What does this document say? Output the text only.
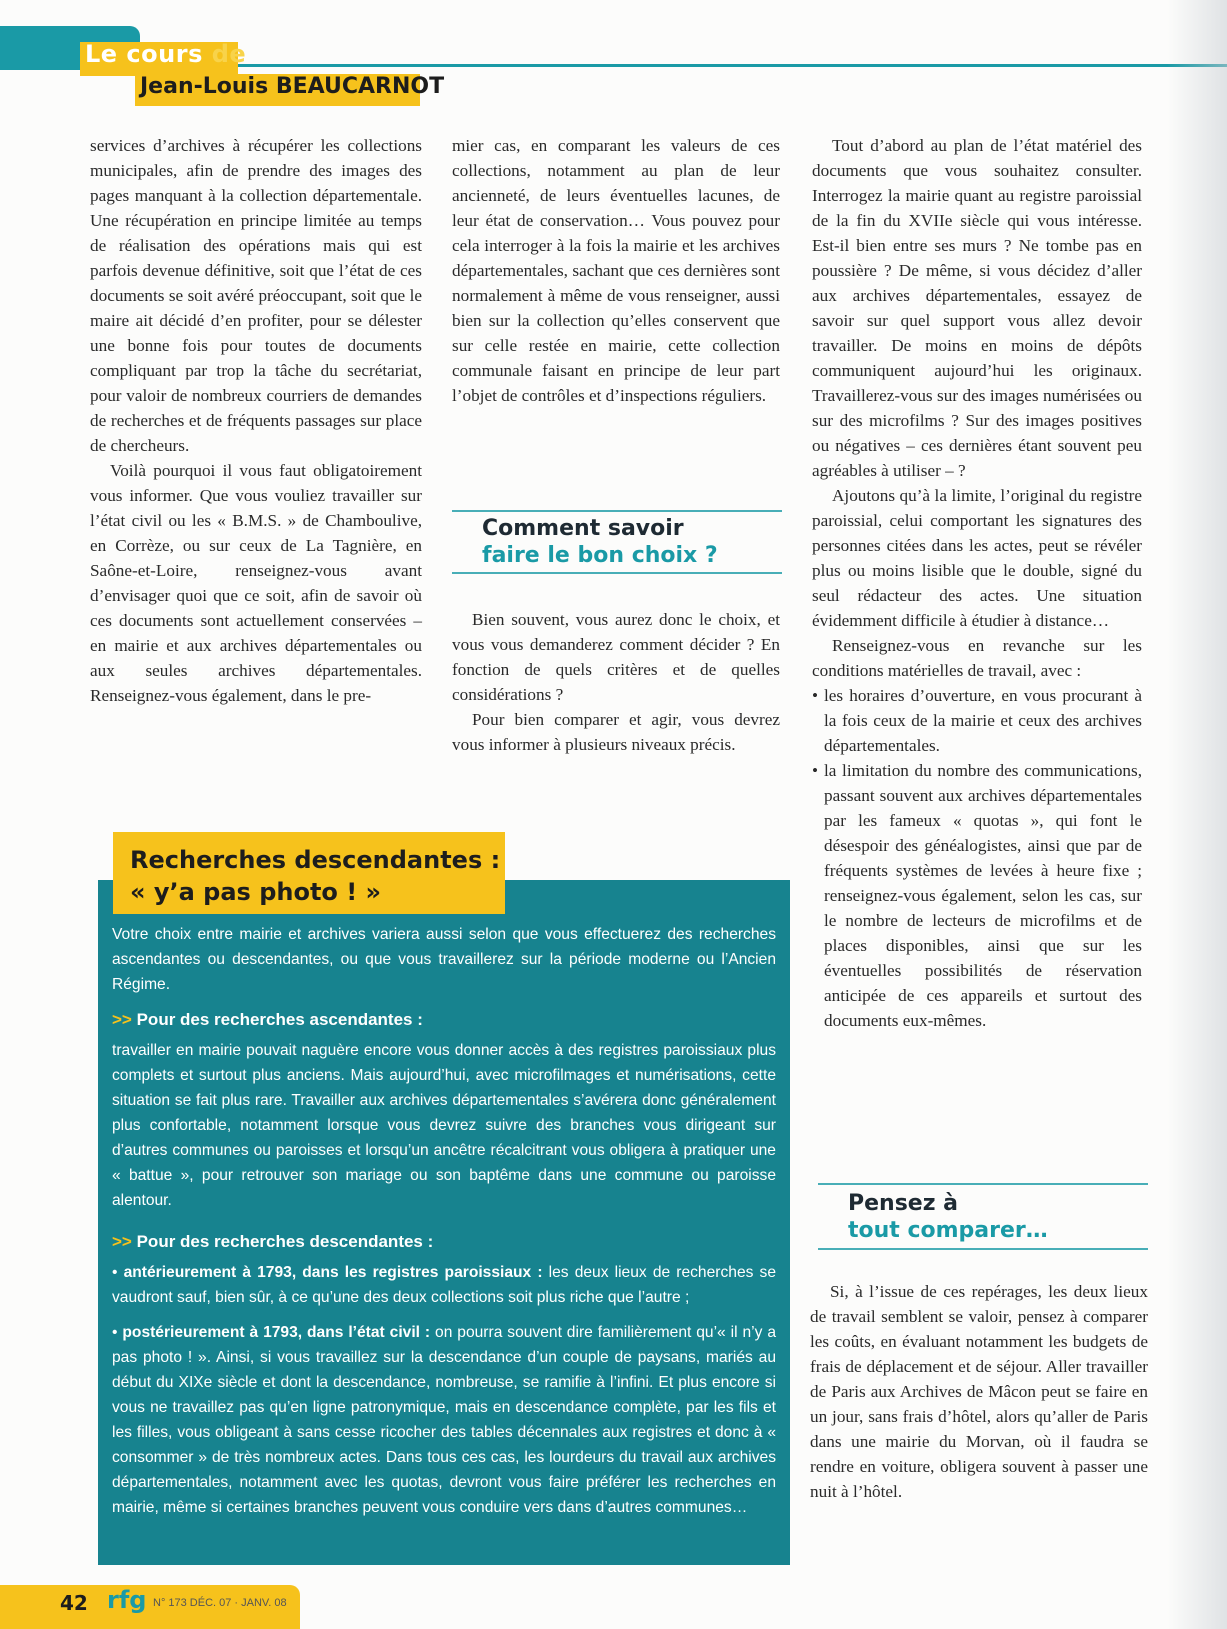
Le cours de
Jean-Louis BEAUCARNOT

services d’archives à récupérer les collections municipales, afin de prendre des images des pages manquant à la collection départementale. Une récupération en principe limitée au temps de réalisation des opérations mais qui est parfois devenue définitive, soit que l’état de ces documents se soit avéré préoccupant, soit que le maire ait décidé d’en profiter, pour se délester une bonne fois pour toutes de documents compliquant par trop la tâche du secrétariat, pour valoir de nombreux courriers de demandes de recherches et de fréquents passages sur place de chercheurs.

Voilà pourquoi il vous faut obligatoirement vous informer. Que vous vouliez travailler sur l’état civil ou les « B.M.S. » de Chamboulive, en Corrèze, ou sur ceux de La Tagnière, en Saône-et-Loire, renseignez-vous avant d’envisager quoi que ce soit, afin de savoir où ces documents sont actuellement conservées – en mairie et aux archives départementales ou aux seules archives départementales. Renseignez-vous également, dans le pre-

mier cas, en comparant les valeurs de ces collections, notamment au plan de leur ancienneté, de leurs éventuelles lacunes, de leur état de conservation… Vous pouvez pour cela interroger à la fois la mairie et les archives départementales, sachant que ces dernières sont normalement à même de vous renseigner, aussi bien sur la collection qu’elles conservent que sur celle restée en mairie, cette collection communale faisant en principe de leur part l’objet de contrôles et d’inspections réguliers.

Comment savoir
faire le bon choix ?

Bien souvent, vous aurez donc le choix, et vous vous demanderez comment décider ? En fonction de quels critères et de quelles considérations ?

Pour bien comparer et agir, vous devrez vous informer à plusieurs niveaux précis.

Tout d’abord au plan de l’état matériel des documents que vous souhaitez consulter. Interrogez la mairie quant au registre paroissial de la fin du XVIIe siècle qui vous intéresse. Est-il bien entre ses murs ? Ne tombe pas en poussière ? De même, si vous décidez d’aller aux archives départementales, essayez de savoir sur quel support vous allez devoir travailler. De moins en moins de dépôts communiquent aujourd’hui les originaux. Travaillerez-vous sur des images numérisées ou sur des microfilms ? Sur des images positives ou négatives – ces dernières étant souvent peu agréables à utiliser – ?

Ajoutons qu’à la limite, l’original du registre paroissial, celui comportant les signatures des personnes citées dans les actes, peut se révéler plus ou moins lisible que le double, signé du seul rédacteur des actes. Une situation évidemment difficile à étudier à distance…

Renseignez-vous en revanche sur les conditions matérielles de travail, avec :

• les horaires d’ouverture, en vous procurant à la fois ceux de la mairie et ceux des archives départementales.

• la limitation du nombre des communications, passant souvent aux archives départementales par les fameux « quotas », qui font le désespoir des généalogistes, ainsi que par de fréquents systèmes de levées à heure fixe ; renseignez-vous également, selon les cas, sur le nombre de lecteurs de microfilms et de places disponibles, ainsi que sur les éventuelles possibilités de réservation anticipée de ces appareils et surtout des documents eux-mêmes.

Pensez à
tout comparer…

Si, à l’issue de ces repérages, les deux lieux de travail semblent se valoir, pensez à comparer les coûts, en évaluant notamment les budgets de frais de déplacement et de séjour. Aller travailler de Paris aux Archives de Mâcon peut se faire en un jour, sans frais d’hôtel, alors qu’aller de Paris dans une mairie du Morvan, où il faudra se rendre en voiture, obligera souvent à passer une nuit à l’hôtel.

Recherches descendantes :
« y’a pas photo ! »

Votre choix entre mairie et archives variera aussi selon que vous effectuerez des recherches ascendantes ou descendantes, ou que vous travaillerez sur la période moderne ou l’Ancien Régime.

>> Pour des recherches ascendantes :

travailler en mairie pouvait naguère encore vous donner accès à des registres paroissiaux plus complets et surtout plus anciens. Mais aujourd’hui, avec microfilmages et numérisations, cette situation se fait plus rare. Travailler aux archives départementales s’avérera donc généralement plus confortable, notamment lorsque vous devrez suivre des branches vous dirigeant sur d’autres communes ou paroisses et lorsqu’un ancêtre récalcitrant vous obligera à pratiquer une « battue », pour retrouver son mariage ou son baptême dans une commune ou paroisse alentour.

>> Pour des recherches descendantes :

• antérieurement à 1793, dans les registres paroissiaux : les deux lieux de recherches se vaudront sauf, bien sûr, à ce qu’une des deux collections soit plus riche que l’autre ;

• postérieurement à 1793, dans l’état civil : on pourra souvent dire familièrement qu’« il n’y a pas photo ! ». Ainsi, si vous travaillez sur la descendance d’un couple de paysans, mariés au début du XIXe siècle et dont la descendance, nombreuse, se ramifie à l’infini. Et plus encore si vous ne travaillez pas qu’en ligne patronymique, mais en descendance complète, par les fils et les filles, vous obligeant à sans cesse ricocher des tables décennales aux registres et donc à « consommer » de très nombreux actes. Dans tous ces cas, les lourdeurs du travail aux archives départementales, notamment avec les quotas, devront vous faire préférer les recherches en mairie, même si certaines branches peuvent vous conduire vers dans d’autres communes…

42 rfg N° 173 DÉC. 07 · JANV. 08
